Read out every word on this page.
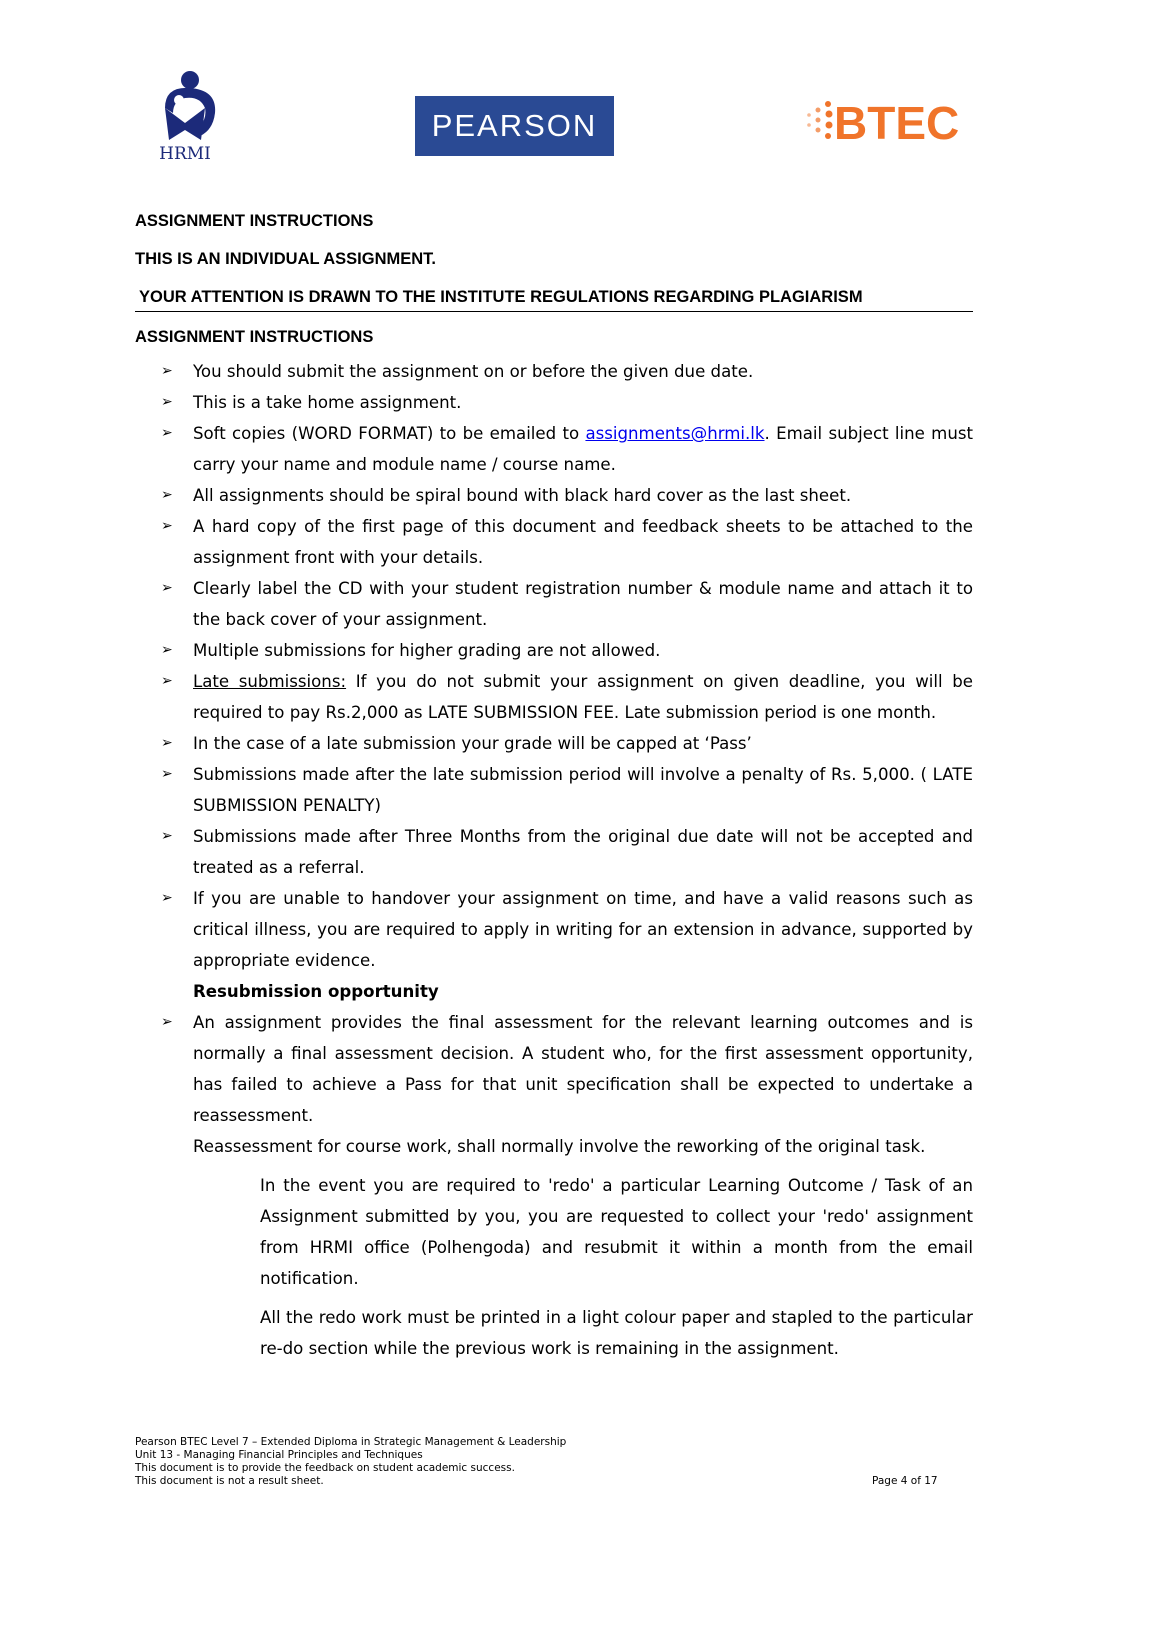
HRMI
PEARSON	BTEC
ASSIGNMENT INSTRUCTIONS
THIS IS AN INDIVIDUAL ASSIGNMENT.
YOUR ATTENTION IS DRAWN TO THE INSTITUTE REGULATIONS REGARDING PLAGIARISM
ASSIGNMENT INSTRUCTIONS
➢ You should submit the assignment on or before the given due date.
➢ This is a take home assignment.
➢ Soft copies (WORD FORMAT) to be emailed to assignments@hrmi.lk. Email subject line must carry your name and module name / course name.
➢ All assignments should be spiral bound with black hard cover as the last sheet.
➢ A hard copy of the first page of this document and feedback sheets to be attached to the assignment front with your details.
➢ Clearly label the CD with your student registration number & module name and attach it to the back cover of your assignment.
➢ Multiple submissions for higher grading are not allowed.
➢ Late submissions: If you do not submit your assignment on given deadline, you will be required to pay Rs.2,000 as LATE SUBMISSION FEE. Late submission period is one month.
➢ In the case of a late submission your grade will be capped at ‘Pass’
➢ Submissions made after the late submission period will involve a penalty of Rs. 5,000. ( LATE SUBMISSION PENALTY)
➢ Submissions made after Three Months from the original due date will not be accepted and treated as a referral.
➢ If you are unable to handover your assignment on time, and have a valid reasons such as critical illness, you are required to apply in writing for an extension in advance, supported by appropriate evidence.
Resubmission opportunity
➢ An assignment provides the final assessment for the relevant learning outcomes and is normally a final assessment decision. A student who, for the first assessment opportunity, has failed to achieve a Pass for that unit specification shall be expected to undertake a reassessment.
Reassessment for course work, shall normally involve the reworking of the original task.
In the event you are required to 'redo' a particular Learning Outcome / Task of an Assignment submitted by you, you are requested to collect your 'redo' assignment from HRMI office (Polhengoda) and resubmit it within a month from the email notification.
All the redo work must be printed in a light colour paper and stapled to the particular re-do section while the previous work is remaining in the assignment.
Pearson BTEC Level 7 – Extended Diploma in Strategic Management & Leadership
Unit 13 - Managing Financial Principles and Techniques
This document is to provide the feedback on student academic success.
This document is not a result sheet.	Page 4 of 17
